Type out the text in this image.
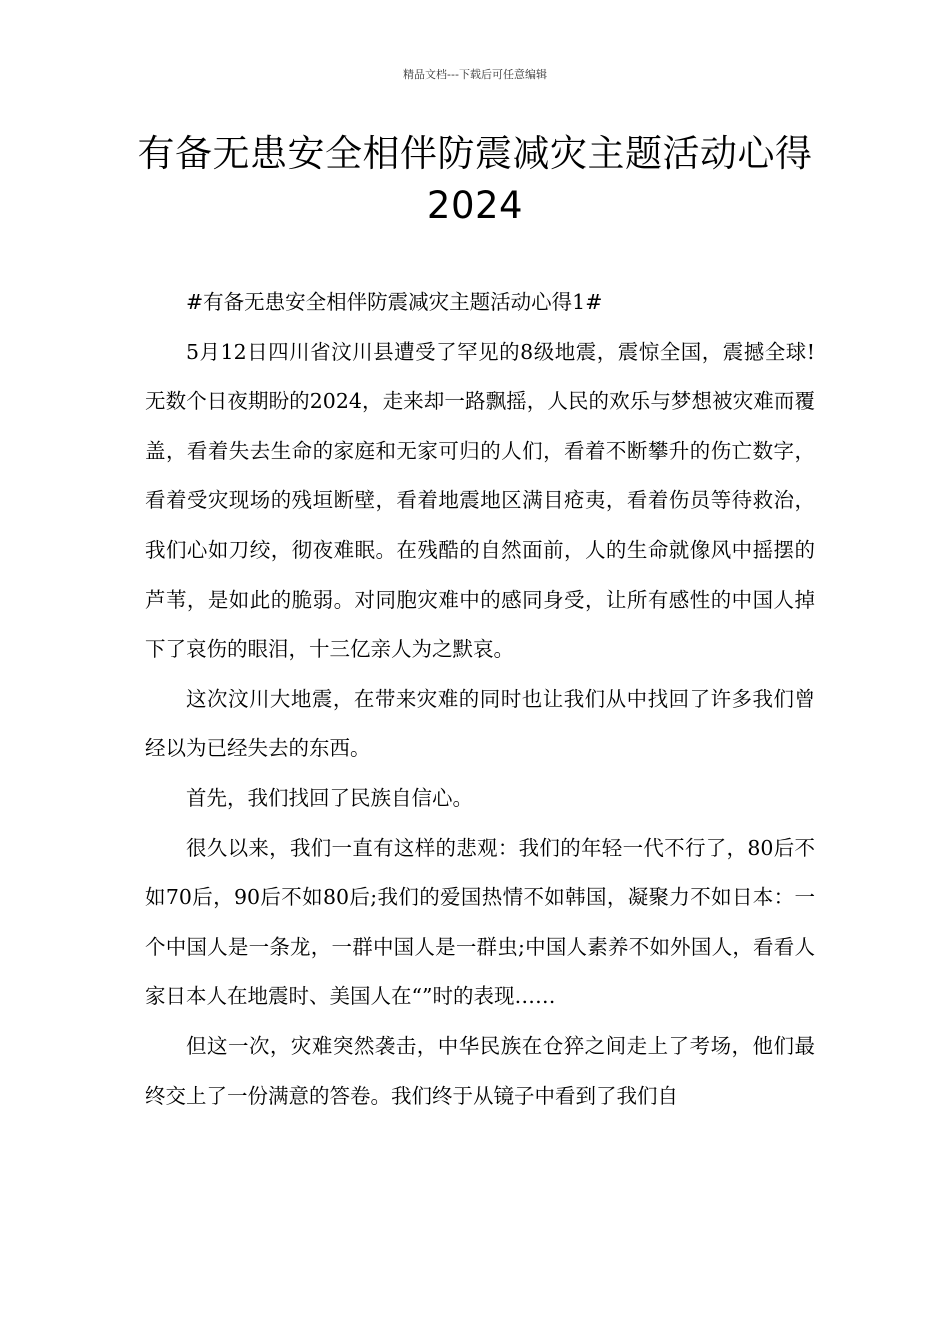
精品文档---下载后可任意编辑
有备无患安全相伴防震减灾主题活动心得2024

#有备无患安全相伴防震减灾主题活动心得1#

5月12日四川省汶川县遭受了罕见的8级地震，震惊全国，震撼全球!无数个日夜期盼的2024，走来却一路飘摇，人民的欢乐与梦想被灾难而覆盖，看着失去生命的家庭和无家可归的人们，看着不断攀升的伤亡数字，看着受灾现场的残垣断壁，看着地震地区满目疮夷，看着伤员等待救治，我们心如刀绞，彻夜难眠。在残酷的自然面前，人的生命就像风中摇摆的芦苇，是如此的脆弱。对同胞灾难中的感同身受，让所有感性的中国人掉下了哀伤的眼泪，十三亿亲人为之默哀。

这次汶川大地震，在带来灾难的同时也让我们从中找回了许多我们曾经以为已经失去的东西。

首先，我们找回了民族自信心。

很久以来，我们一直有这样的悲观：我们的年轻一代不行了，80后不如70后，90后不如80后;我们的爱国热情不如韩国，凝聚力不如日本：一个中国人是一条龙，一群中国人是一群虫;中国人素养不如外国人，看看人家日本人在地震时、美国人在“”时的表现……

但这一次，灾难突然袭击，中华民族在仓猝之间走上了考场，他们最终交上了一份满意的答卷。我们终于从镜子中看到了我们自
